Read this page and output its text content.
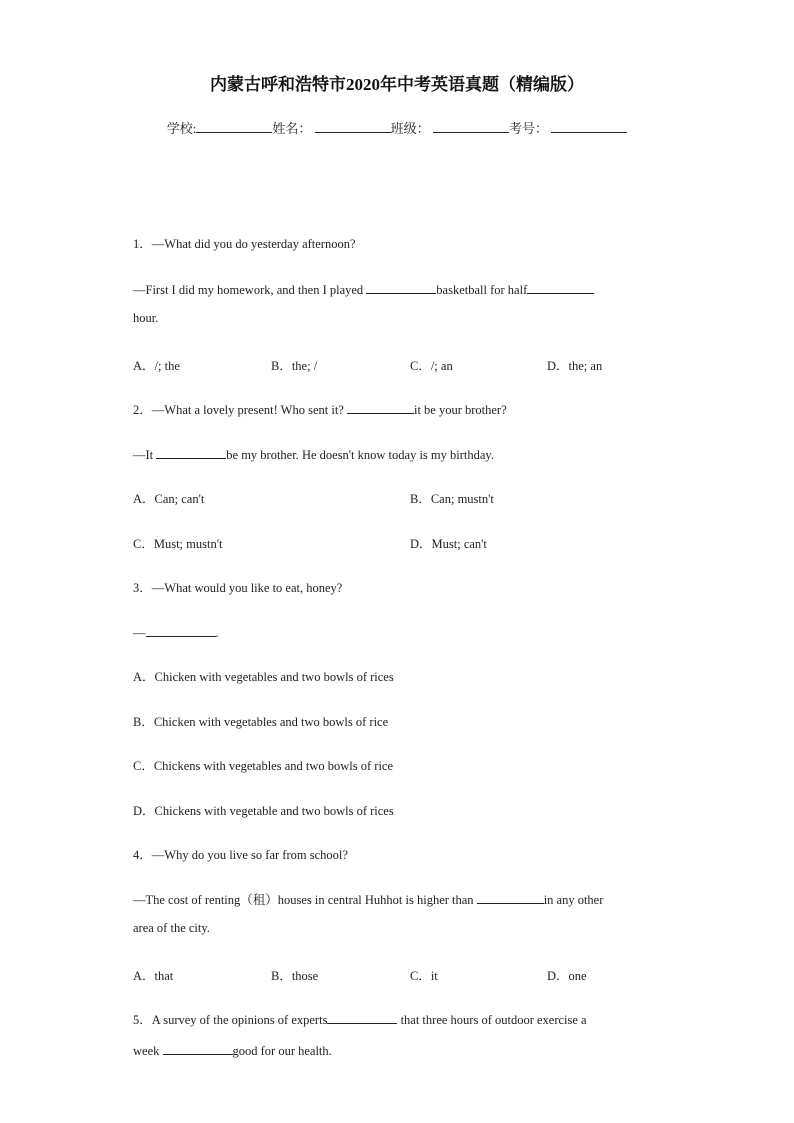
内蒙古呼和浩特市2020年中考英语真题（精编版）
学校:	姓名：	班级：	考号：
1．—What did you do yesterday afternoon?
—First I did my homework, and then I played	basketball for half
hour.
A．/; the	B．the; /	C．/; an	D．the; an
2．—What a lovely present! Who sent it?	it be your brother?
—It	be my brother. He doesn't know today is my birthday.
A．Can; can't	B．Can; mustn't
C．Must; mustn't	D．Must; can't
3．—What would you like to eat, honey?
—	.
A．Chicken with vegetables and two bowls of rices
B．Chicken with vegetables and two bowls of rice
C．Chickens with vegetables and two bowls of rice
D．Chickens with vegetable and two bowls of rices
4．—Why do you live so far from school?
—The cost of renting（租）houses in central Huhhot is higher than	in any other
area of the city.
A．that	B．those	C．it	D．one
5．A survey of the opinions of experts	that three hours of outdoor exercise a
week	good for our health.
